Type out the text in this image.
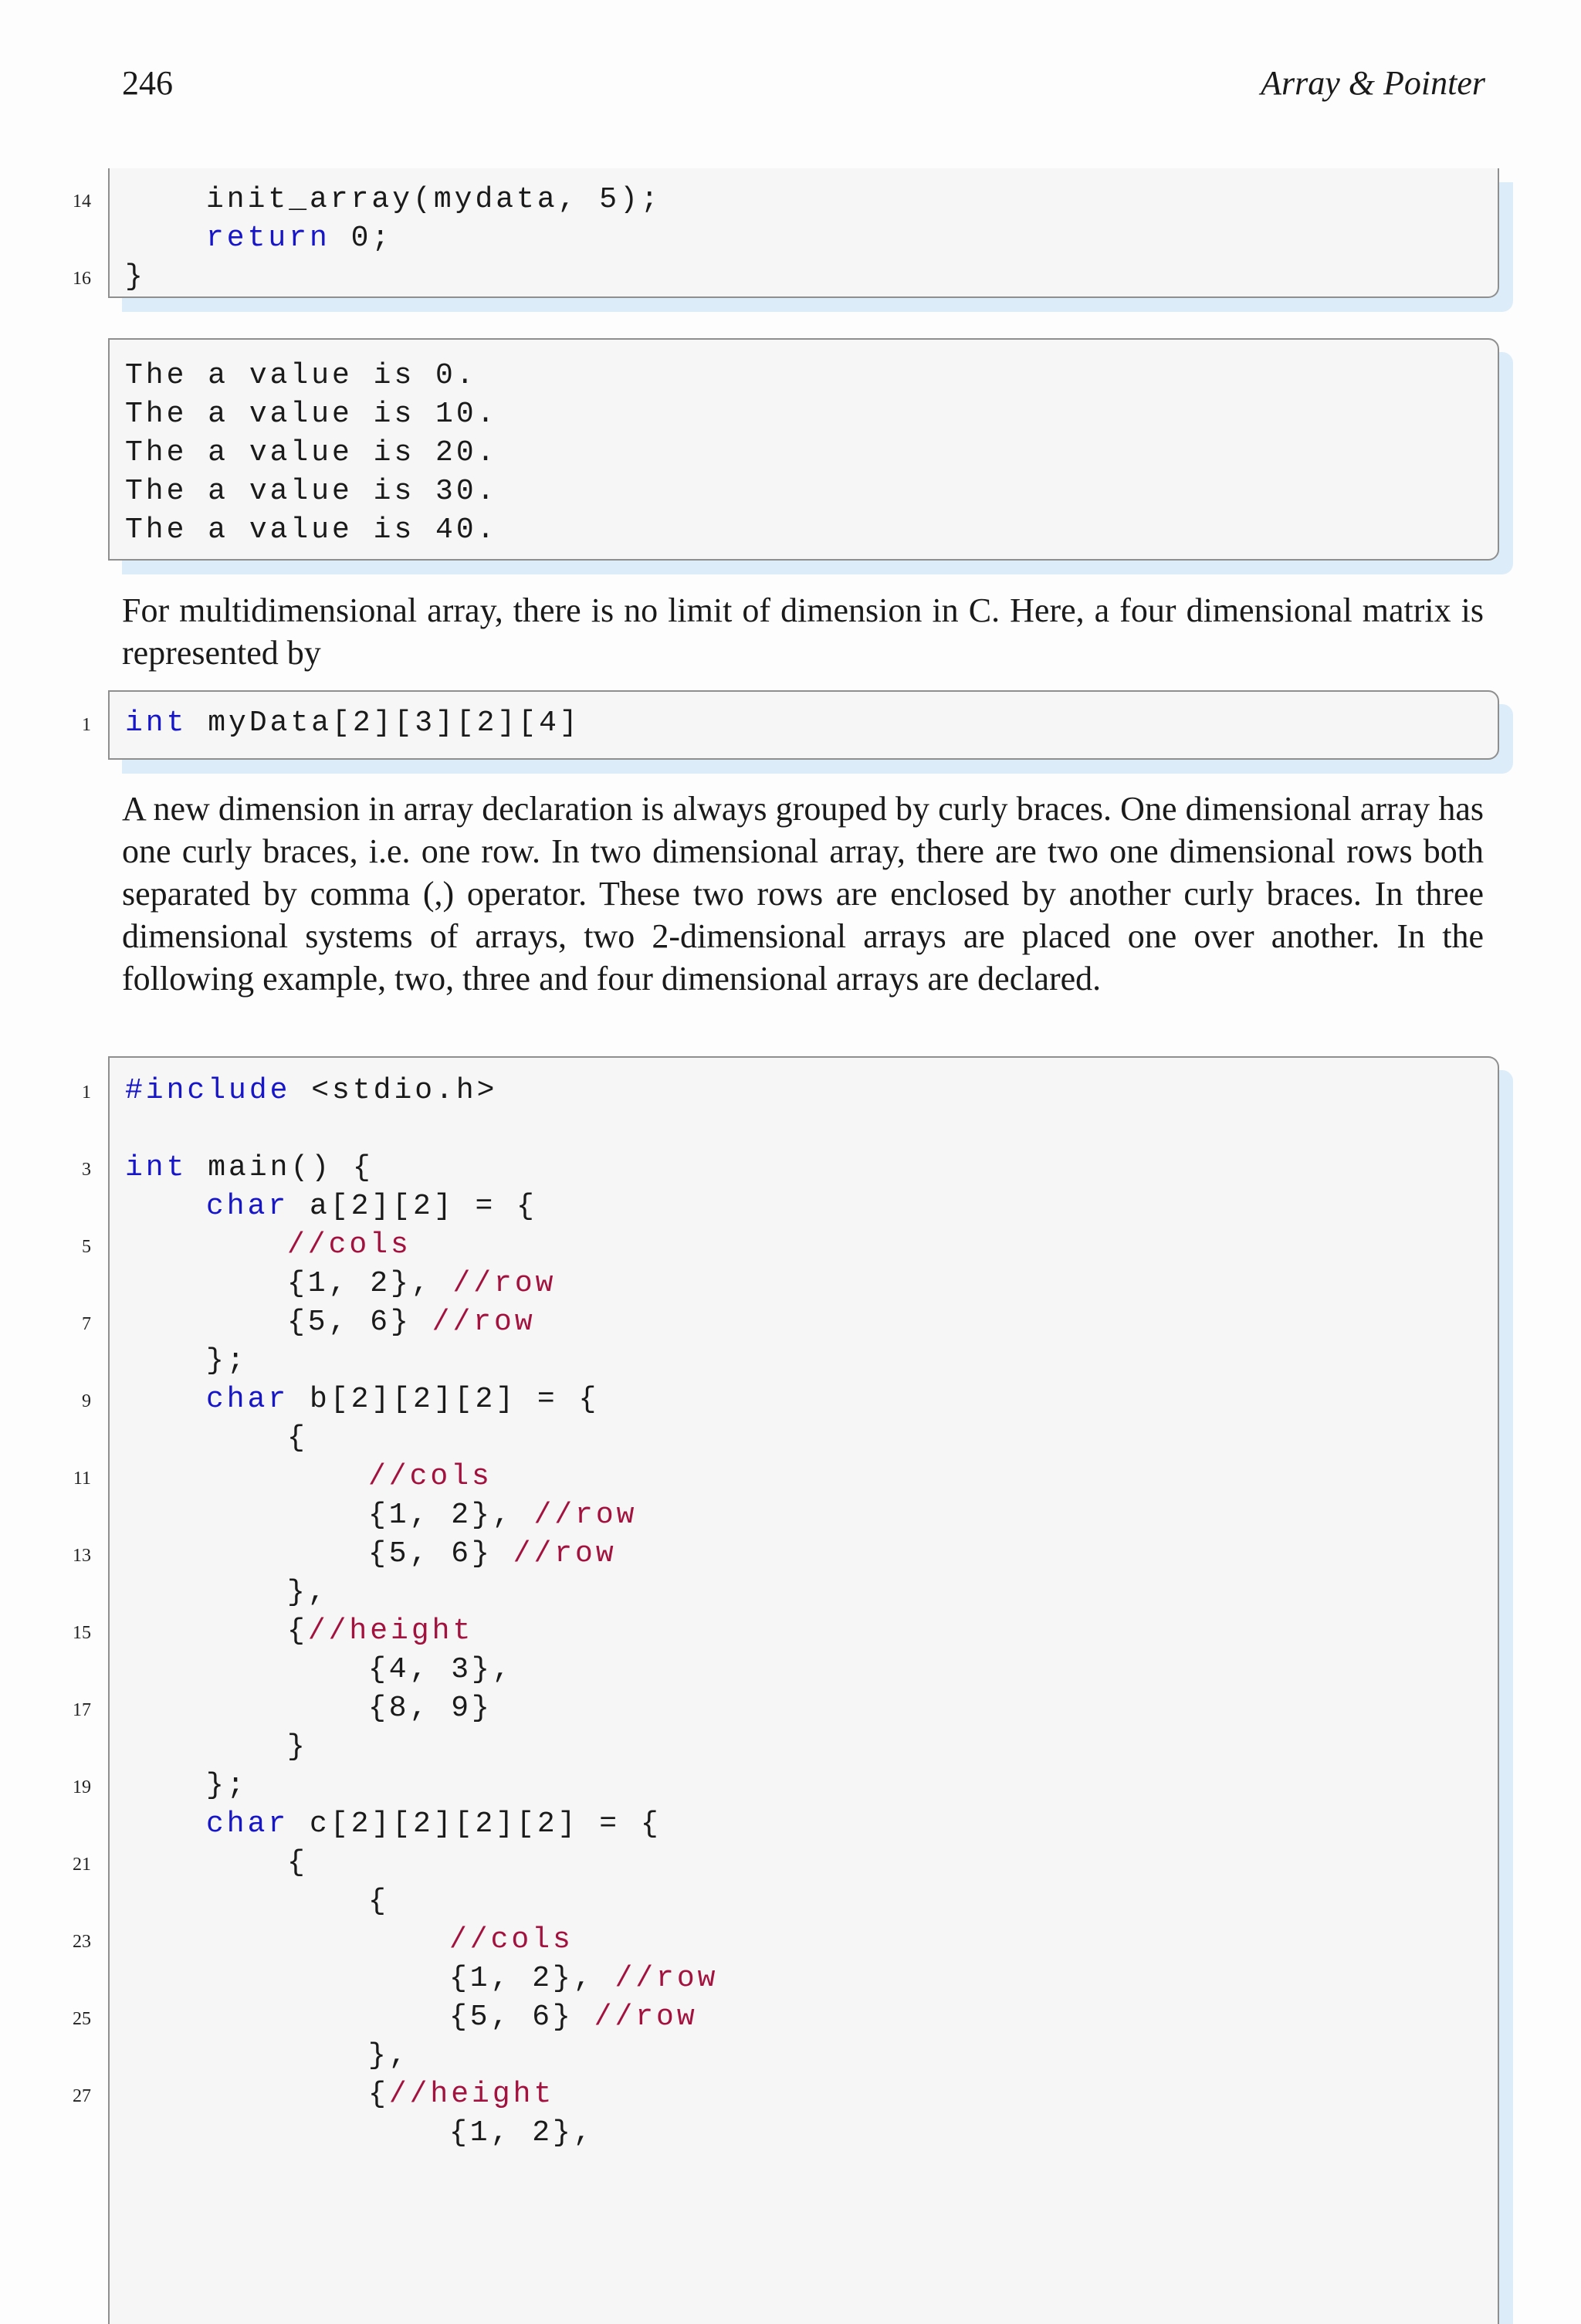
246	Array & Pointer
14	init_array(mydata, 5);
return 0;
16 }
The a value is 0.
The a value is 10.
The a value is 20.
The a value is 30.
The a value is 40.

For multidimensional array, there is no limit of dimension in C. Here, a four dimensional matrix is represented by

1 int myData[2][3][2][4]

A new dimension in array declaration is always grouped by curly braces. One dimensional array has one curly braces, i.e. one row. In two dimensional array, there are two one dimensional rows both separated by comma (,) operator. These two rows are enclosed by another curly braces. In three dimensional systems of arrays, two 2-dimensional arrays are placed one over another. In the following example, two, three and four dimensional arrays are declared.

1 #include <stdio.h>
3 int main() {
char a[2][2] = {
5	//cols
{1, 2}, //row
7	{5, 6} //row
};
9	char b[2][2][2] = {
{
11	//cols
{1, 2}, //row
13	{5, 6} //row
},
15	{//height
{4, 3},
17	{8, 9}
}
19	};
char c[2][2][2][2] = {
21	{
{
23	//cols
{1, 2}, //row
25	{5, 6} //row
},
27	{//height
{1, 2},
